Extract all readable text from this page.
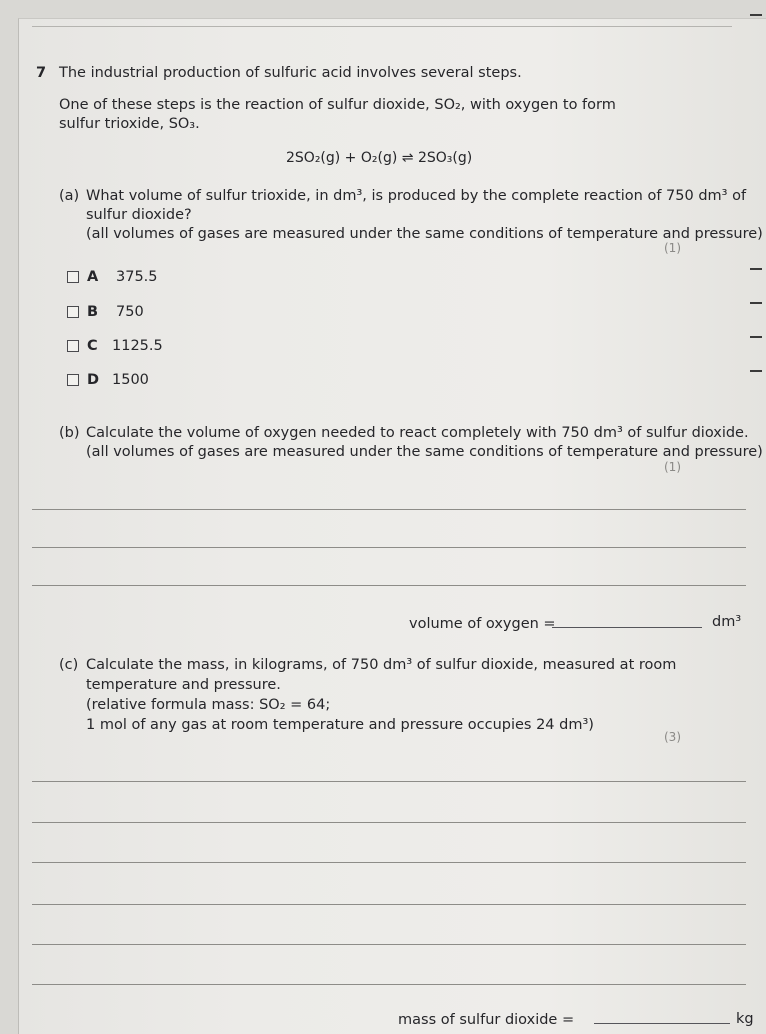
7 The industrial production of sulfuric acid involves several steps.
One of these steps is the reaction of sulfur dioxide, SO₂, with oxygen to form
sulfur trioxide, SO₃.
2SO₂(g) + O₂(g) ⇌ 2SO₃(g)
(a) What volume of sulfur trioxide, in dm³, is produced by the complete reaction of 750 dm³ of
sulfur dioxide?
(all volumes of gases are measured under the same conditions of temperature and pressure)
(1)
A 375.5
B 750
C 1125.5
D 1500
(b) Calculate the volume of oxygen needed to react completely with 750 dm³ of sulfur dioxide.
(all volumes of gases are measured under the same conditions of temperature and pressure)
(1)
volume of oxygen =	dm³
(c) Calculate the mass, in kilograms, of 750 dm³ of sulfur dioxide, measured at room
temperature and pressure.
(relative formula mass: SO₂ = 64;
1 mol of any gas at room temperature and pressure occupies 24 dm³)
(3)
mass of sulfur dioxide =	kg
